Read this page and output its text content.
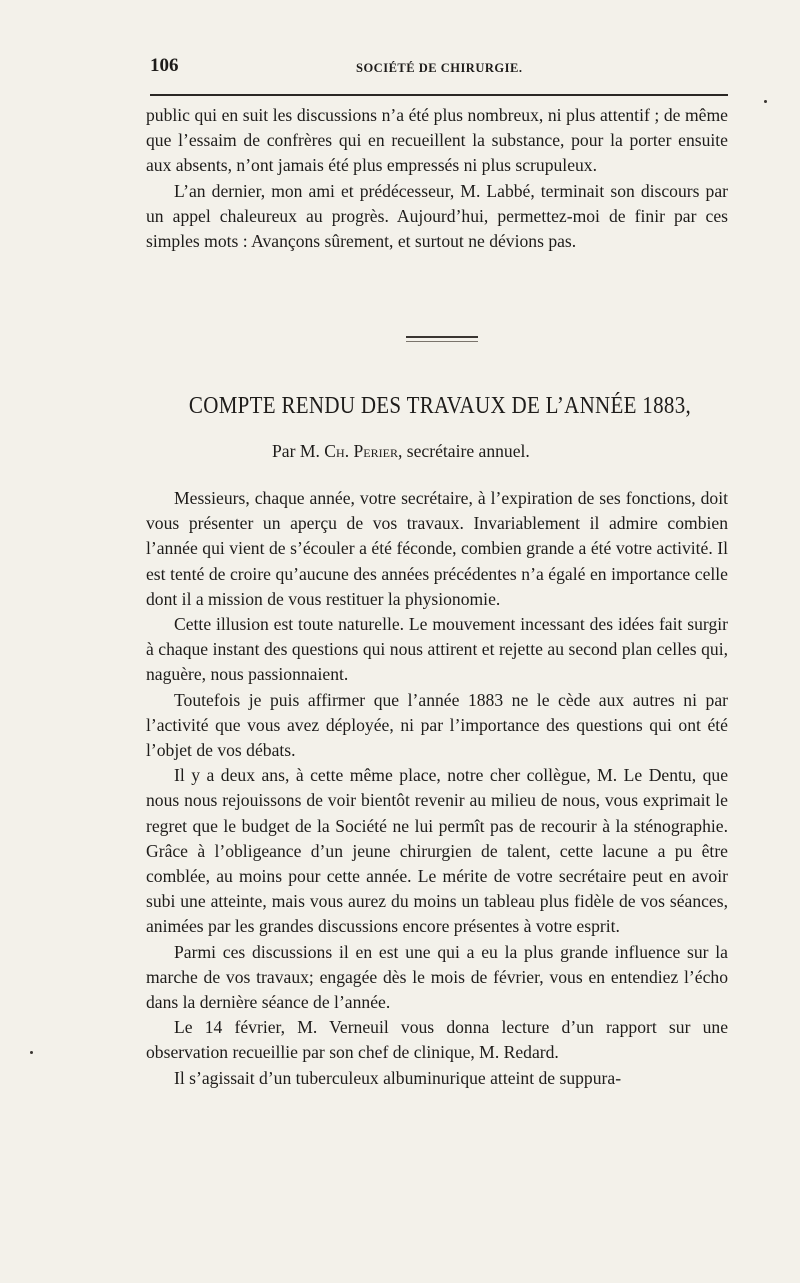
106	SOCIÉTÉ DE CHIRURGIE.

public qui en suit les discussions n’a été plus nombreux, ni plus attentif ; de même que l’essaim de confrères qui en recueillent la substance, pour la porter ensuite aux absents, n’ont jamais été plus empressés ni plus scrupuleux.

L’an dernier, mon ami et prédécesseur, M. Labbé, terminait son discours par un appel chaleureux au progrès. Aujourd’hui, permettez-moi de finir par ces simples mots : Avançons sûrement, et surtout ne dévions pas.

COMPTE RENDU DES TRAVAUX DE L’ANNÉE 1883,
Par M. Ch. Perier, secrétaire annuel.

Messieurs, chaque année, votre secrétaire, à l’expiration de ses fonctions, doit vous présenter un aperçu de vos travaux. Invariablement il admire combien l’année qui vient de s’écouler a été féconde, combien grande a été votre activité. Il est tenté de croire qu’aucune des années précédentes n’a égalé en importance celle dont il a mission de vous restituer la physionomie.

Cette illusion est toute naturelle. Le mouvement incessant des idées fait surgir à chaque instant des questions qui nous attirent et rejette au second plan celles qui, naguère, nous passionnaient.

Toutefois je puis affirmer que l’année 1883 ne le cède aux autres ni par l’activité que vous avez déployée, ni par l’importance des questions qui ont été l’objet de vos débats.

Il y a deux ans, à cette même place, notre cher collègue, M. Le Dentu, que nous nous rejouissons de voir bientôt revenir au milieu de nous, vous exprimait le regret que le budget de la Société ne lui permît pas de recourir à la sténographie. Grâce à l’obligeance d’un jeune chirurgien de talent, cette lacune a pu être comblée, au moins pour cette année. Le mérite de votre secrétaire peut en avoir subi une atteinte, mais vous aurez du moins un tableau plus fidèle de vos séances, animées par les grandes discussions encore présentes à votre esprit.

Parmi ces discussions il en est une qui a eu la plus grande influence sur la marche de vos travaux; engagée dès le mois de février, vous en entendiez l’écho dans la dernière séance de l’année.

Le 14 février, M. Verneuil vous donna lecture d’un rapport sur une observation recueillie par son chef de clinique, M. Redard.

Il s’agissait d’un tuberculeux albuminurique atteint de suppura-
